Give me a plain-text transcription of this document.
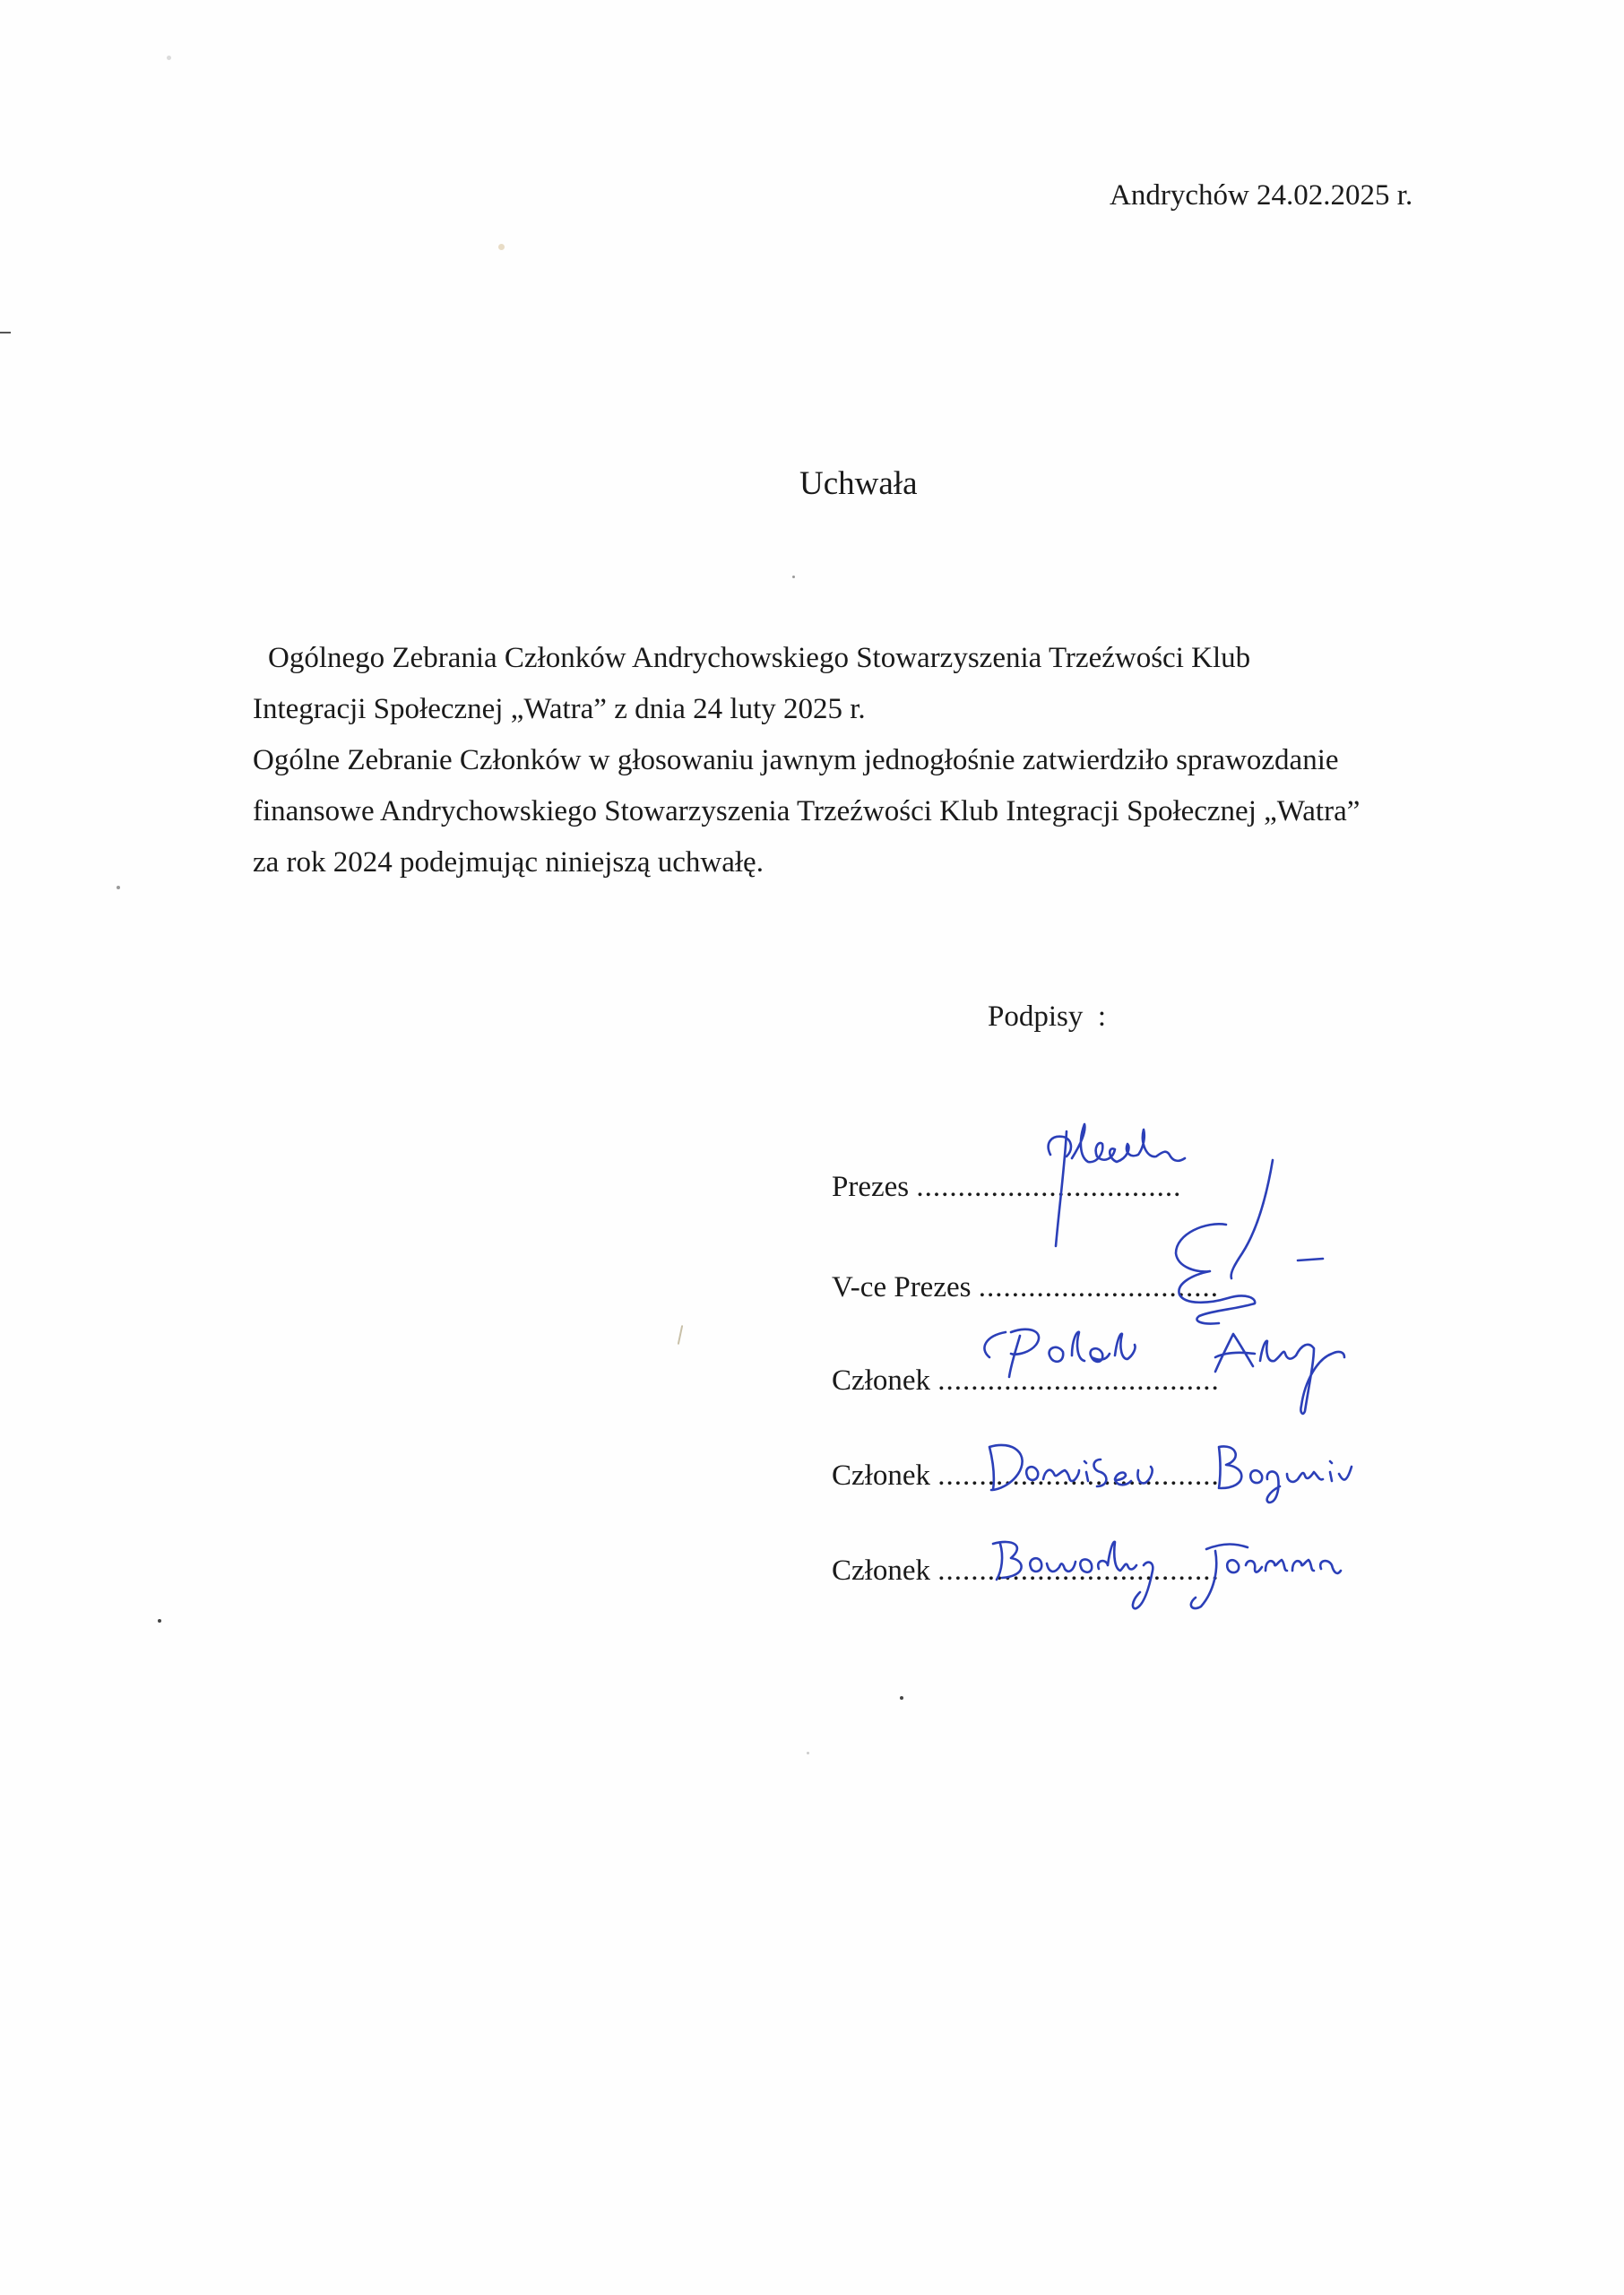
Andrychów 24.02.2025 r.
Uchwała
Ogólnego Zebrania Członków Andrychowskiego Stowarzyszenia Trzeźwości Klub
Integracji Społecznej „Watra” z dnia 24 luty 2025 r.
Ogólne Zebranie Członków w głosowaniu jawnym jednogłośnie zatwierdziło sprawozdanie
finansowe Andrychowskiego Stowarzyszenia Trzeźwości Klub Integracji Społecznej „Watra”
za rok 2024 podejmując niniejszą uchwałę.
Podpisy  :
Prezes ................................
V-ce Prezes .............................
Członek ..................................
Członek ..................................
Członek ..................................
